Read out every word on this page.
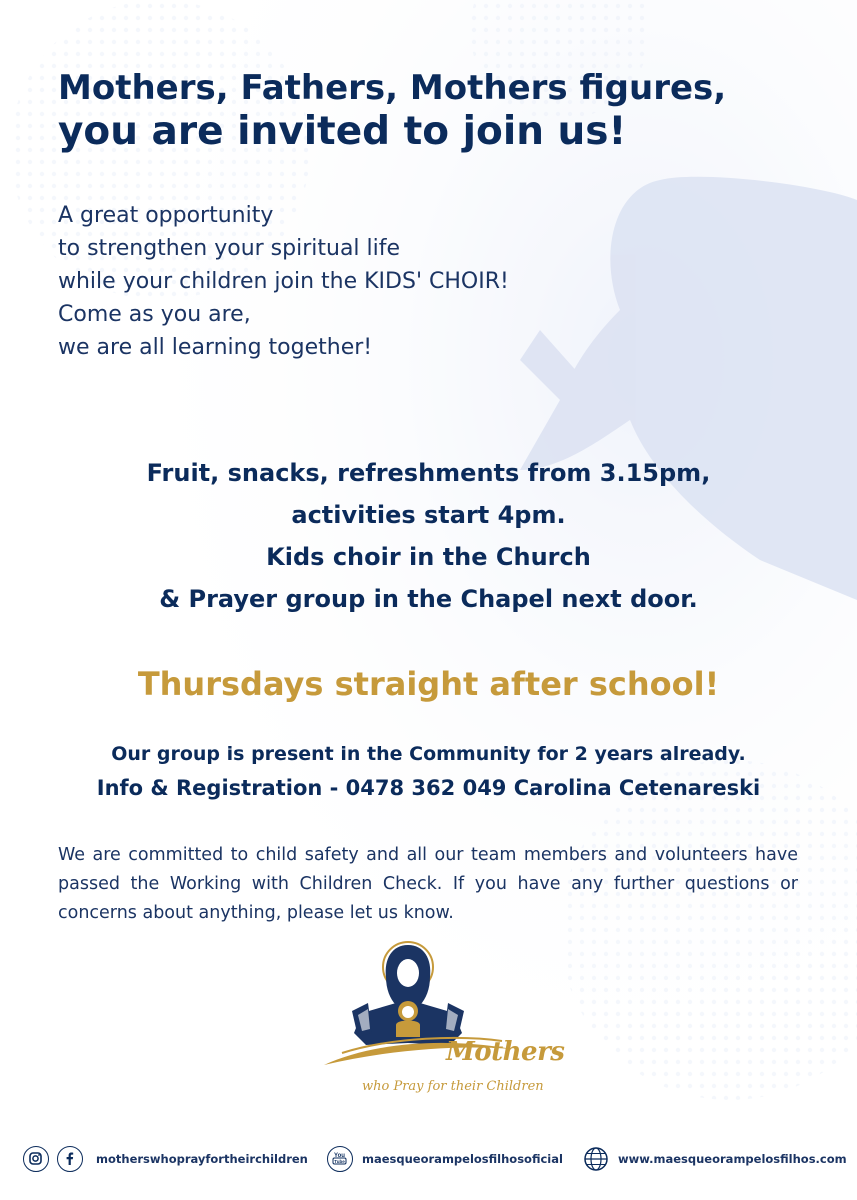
Mothers, Fathers, Mothers figures,
you are invited to join us!
A great opportunity
to strengthen your spiritual life
while your children join the KIDS' CHOIR!
Come as you are,
we are all learning together!
Fruit, snacks, refreshments from 3.15pm,
activities start 4pm.
Kids choir in the Church
& Prayer group in the Chapel next door.
Thursdays straight after school!
Our group is present in the Community for 2 years already.
Info & Registration - 0478 362 049 Carolina Cetenareski

We are committed to child safety and all our team members and volunteers have passed the Working with Children Check. If you have any further questions or concerns about anything, please let us know.

Mothers
who Pray for their Children
motherswhoprayfortheirchildren	You
Tube maesqueorampelosfilhosoficial	www.maesqueorampelosfilhos.com
